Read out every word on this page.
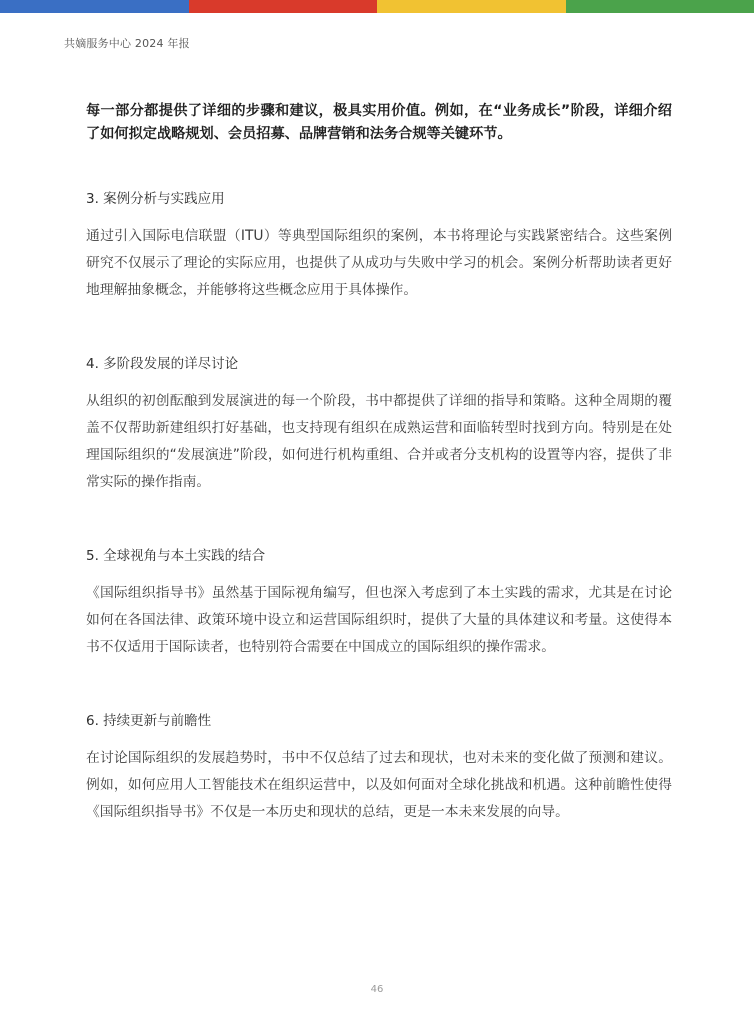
共嫡服务中心 2024 年报

每一部分都提供了详细的步骤和建议，极具实用价值。例如，在“业务成长”阶段，详细介绍了如何拟定战略规划、会员招募、品牌营销和法务合规等关键环节。

3. 案例分析与实践应用

通过引入国际电信联盟（ITU）等典型国际组织的案例，本书将理论与实践紧密结合。这些案例研究不仅展示了理论的实际应用，也提供了从成功与失败中学习的机会。案例分析帮助读者更好地理解抽象概念，并能够将这些概念应用于具体操作。

4. 多阶段发展的详尽讨论

从组织的初创酝酿到发展演进的每一个阶段，书中都提供了详细的指导和策略。这种全周期的覆盖不仅帮助新建组织打好基础，也支持现有组织在成熟运营和面临转型时找到方向。特别是在处理国际组织的“发展演进”阶段，如何进行机构重组、合并或者分支机构的设置等内容，提供了非常实际的操作指南。

5. 全球视角与本土实践的结合

《国际组织指导书》虽然基于国际视角编写，但也深入考虑到了本土实践的需求，尤其是在讨论如何在各国法律、政策环境中设立和运营国际组织时，提供了大量的具体建议和考量。这使得本书不仅适用于国际读者，也特别符合需要在中国成立的国际组织的操作需求。

6. 持续更新与前瞻性

在讨论国际组织的发展趋势时，书中不仅总结了过去和现状，也对未来的变化做了预测和建议。例如，如何应用人工智能技术在组织运营中，以及如何面对全球化挑战和机遇。这种前瞻性使得《国际组织指导书》不仅是一本历史和现状的总结，更是一本未来发展的向导。

46
